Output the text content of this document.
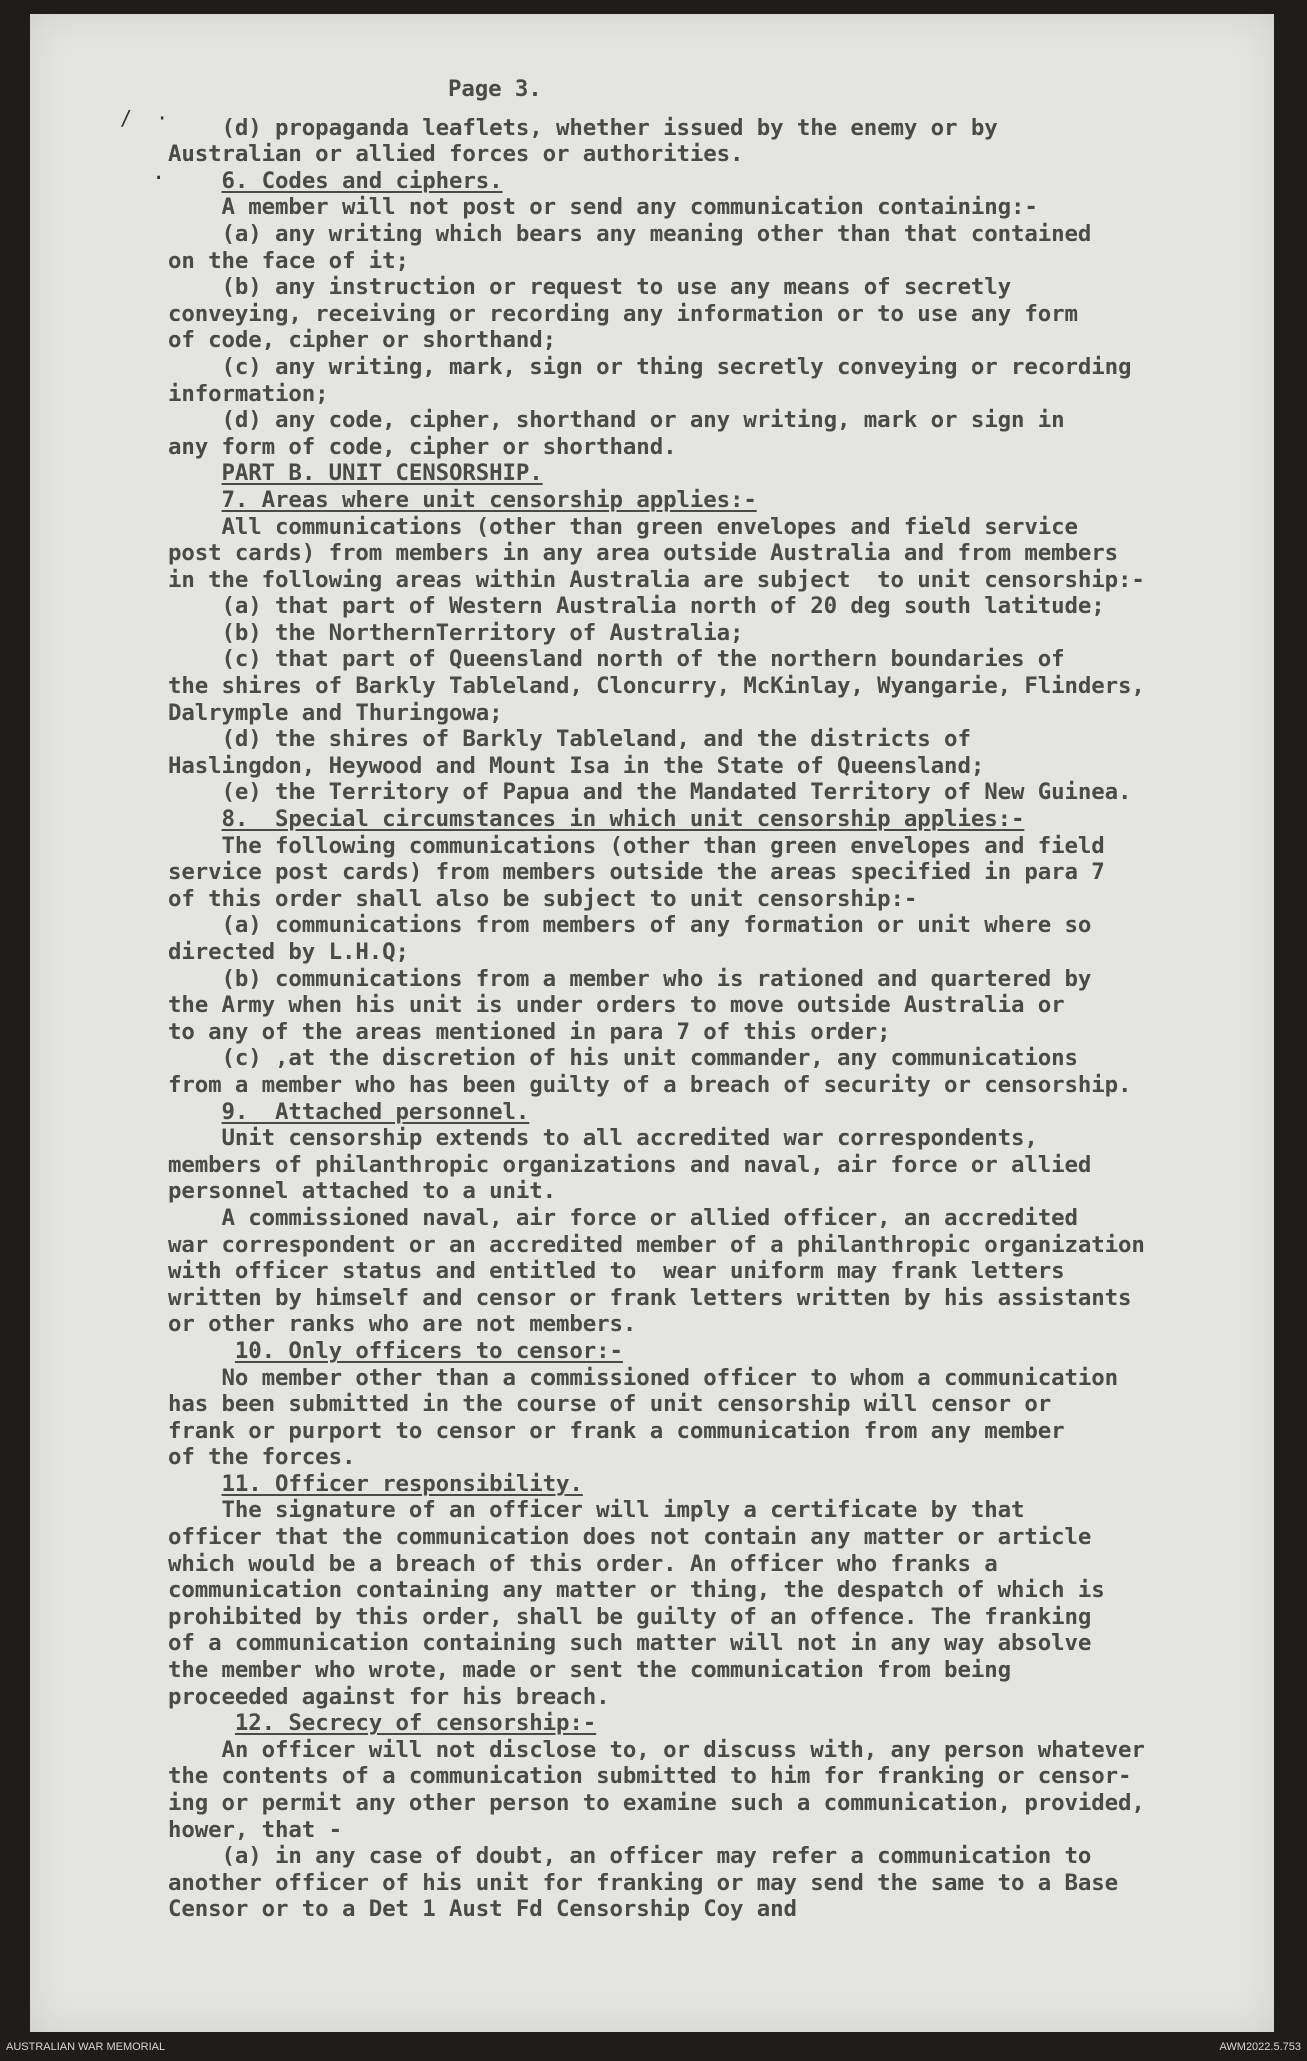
/ ·
·
Page 3.
(d) propaganda leaflets, whether issued by the enemy or by
Australian or allied forces or authorities.
6. Codes and ciphers.
A member will not post or send any communication containing:-
(a) any writing which bears any meaning other than that contained
on the face of it;
(b) any instruction or request to use any means of secretly
conveying, receiving or recording any information or to use any form
of code, cipher or shorthand;
(c) any writing, mark, sign or thing secretly conveying or recording
information;
(d) any code, cipher, shorthand or any writing, mark or sign in
any form of code, cipher or shorthand.
PART B. UNIT CENSORSHIP.
7. Areas where unit censorship applies:-
All communications (other than green envelopes and field service
post cards) from members in any area outside Australia and from members
in the following areas within Australia are subject  to unit censorship:-
(a) that part of Western Australia north of 20 deg south latitude;
(b) the NorthernTerritory of Australia;
(c) that part of Queensland north of the northern boundaries of
the shires of Barkly Tableland, Cloncurry, McKinlay, Wyangarie, Flinders,
Dalrymple and Thuringowa;
(d) the shires of Barkly Tableland, and the districts of
Haslingdon, Heywood and Mount Isa in the State of Queensland;
(e) the Territory of Papua and the Mandated Territory of New Guinea.
8.  Special circumstances in which unit censorship applies:-
The following communications (other than green envelopes and field
service post cards) from members outside the areas specified in para 7
of this order shall also be subject to unit censorship:-
(a) communications from members of any formation or unit where so
directed by L.H.Q;
(b) communications from a member who is rationed and quartered by
the Army when his unit is under orders to move outside Australia or
to any of the areas mentioned in para 7 of this order;
(c) ,at the discretion of his unit commander, any communications
from a member who has been guilty of a breach of security or censorship.
9.  Attached personnel.
Unit censorship extends to all accredited war correspondents,
members of philanthropic organizations and naval, air force or allied
personnel attached to a unit.
A commissioned naval, air force or allied officer, an accredited
war correspondent or an accredited member of a philanthropic organization
with officer status and entitled to  wear uniform may frank letters
written by himself and censor or frank letters written by his assistants
or other ranks who are not members.
10. Only officers to censor:-
No member other than a commissioned officer to whom a communication
has been submitted in the course of unit censorship will censor or
frank or purport to censor or frank a communication from any member
of the forces.
11. Officer responsibility.
The signature of an officer will imply a certificate by that
officer that the communication does not contain any matter or article
which would be a breach of this order. An officer who franks a
communication containing any matter or thing, the despatch of which is
prohibited by this order, shall be guilty of an offence. The franking
of a communication containing such matter will not in any way absolve
the member who wrote, made or sent the communication from being
proceeded against for his breach.
12. Secrecy of censorship:-
An officer will not disclose to, or discuss with, any person whatever
the contents of a communication submitted to him for franking or censor-
ing or permit any other person to examine such a communication, provided,
hower, that -
(a) in any case of doubt, an officer may refer a communication to
another officer of his unit for franking or may send the same to a Base
Censor or to a Det 1 Aust Fd Censorship Coy and
AUSTRALIAN WAR MEMORIAL	AWM2022.5.753
